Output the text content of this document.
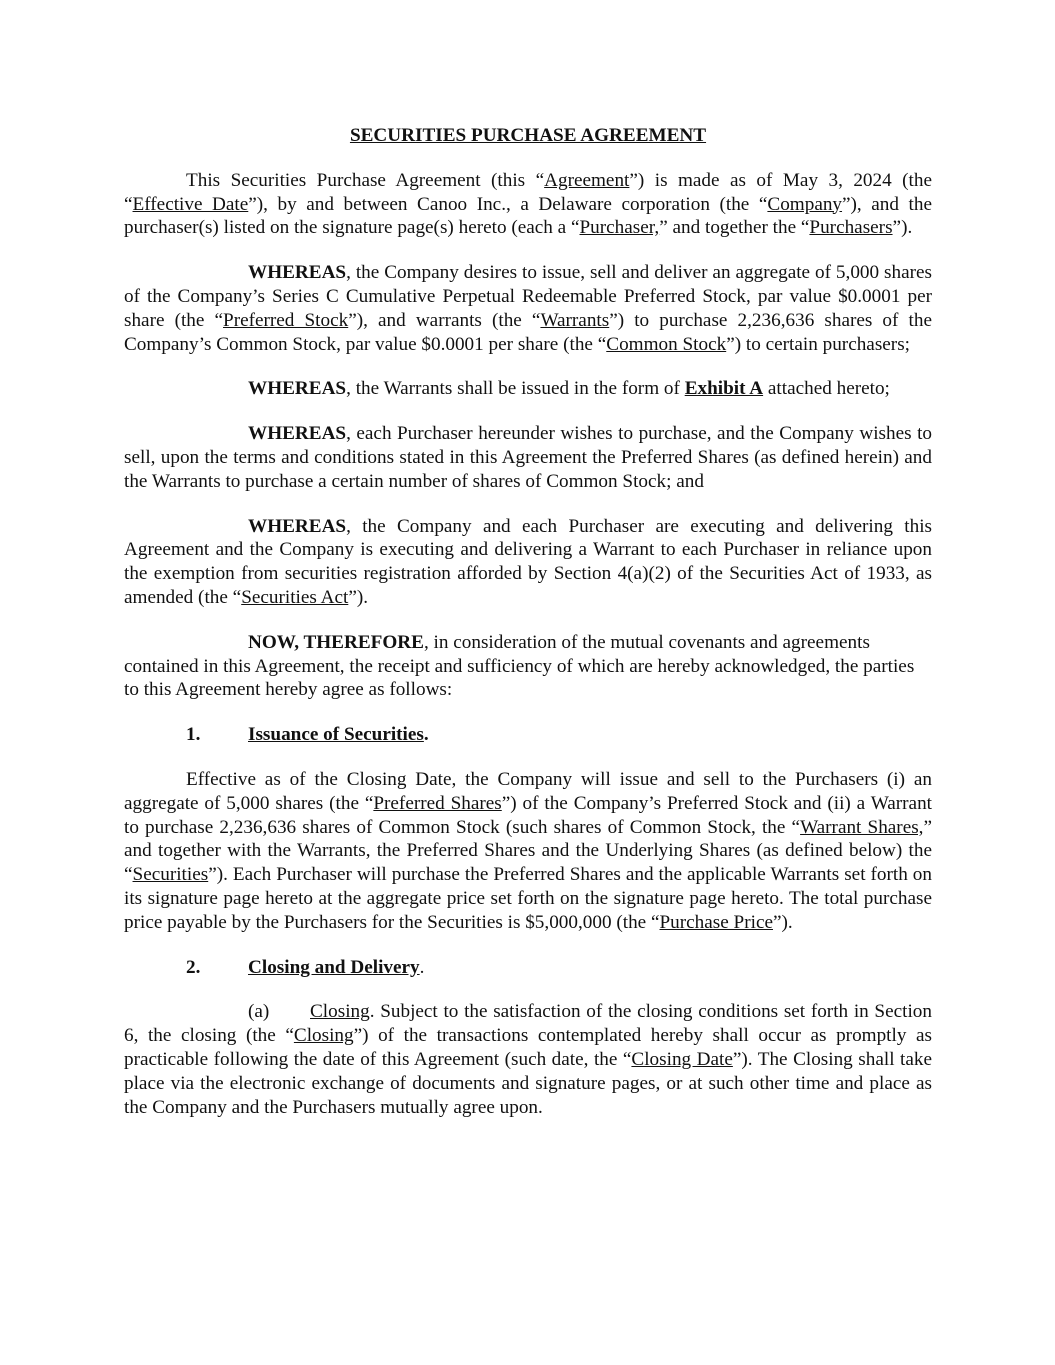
SECURITIES PURCHASE AGREEMENT

This Securities Purchase Agreement (this “Agreement”) is made as of May 3, 2024 (the “Effective Date”), by and between Canoo Inc., a Delaware corporation (the “Company”), and the purchaser(s) listed on the signature page(s) hereto (each a “Purchaser,” and together the “Purchasers”).

WHEREAS, the Company desires to issue, sell and deliver an aggregate of 5,000 shares of the Company’s Series C Cumulative Perpetual Redeemable Preferred Stock, par value $0.0001 per share (the “Preferred Stock”), and warrants (the “Warrants”) to purchase 2,236,636 shares of the Company’s Common Stock, par value $0.0001 per share (the “Common Stock”) to certain purchasers;

WHEREAS, the Warrants shall be issued in the form of Exhibit A attached hereto;

WHEREAS, each Purchaser hereunder wishes to purchase, and the Company wishes to sell, upon the terms and conditions stated in this Agreement the Preferred Shares (as defined herein) and the Warrants to purchase a certain number of shares of Common Stock; and

WHEREAS, the Company and each Purchaser are executing and delivering this Agreement and the Company is executing and delivering a Warrant to each Purchaser in reliance upon the exemption from securities registration afforded by Section 4(a)(2) of the Securities Act of 1933, as amended (the “Securities Act”).

NOW, THEREFORE, in consideration of the mutual covenants and agreements contained in this Agreement, the receipt and sufficiency of which are hereby acknowledged, the parties to this Agreement hereby agree as follows:

1. Issuance of Securities.

Effective as of the Closing Date, the Company will issue and sell to the Purchasers (i) an aggregate of 5,000 shares (the “Preferred Shares”) of the Company’s Preferred Stock and (ii) a Warrant to purchase 2,236,636 shares of Common Stock (such shares of Common Stock, the “Warrant Shares,” and together with the Warrants, the Preferred Shares and the Underlying Shares (as defined below) the “Securities”). Each Purchaser will purchase the Preferred Shares and the applicable Warrants set forth on its signature page hereto at the aggregate price set forth on the signature page hereto. The total purchase price payable by the Purchasers for the Securities is $5,000,000 (the “Purchase Price”).

2. Closing and Delivery.

(a) Closing. Subject to the satisfaction of the closing conditions set forth in Section 6, the closing (the “Closing”) of the transactions contemplated hereby shall occur as promptly as practicable following the date of this Agreement (such date, the “Closing Date”). The Closing shall take place via the electronic exchange of documents and signature pages, or at such other time and place as the Company and the Purchasers mutually agree upon.
